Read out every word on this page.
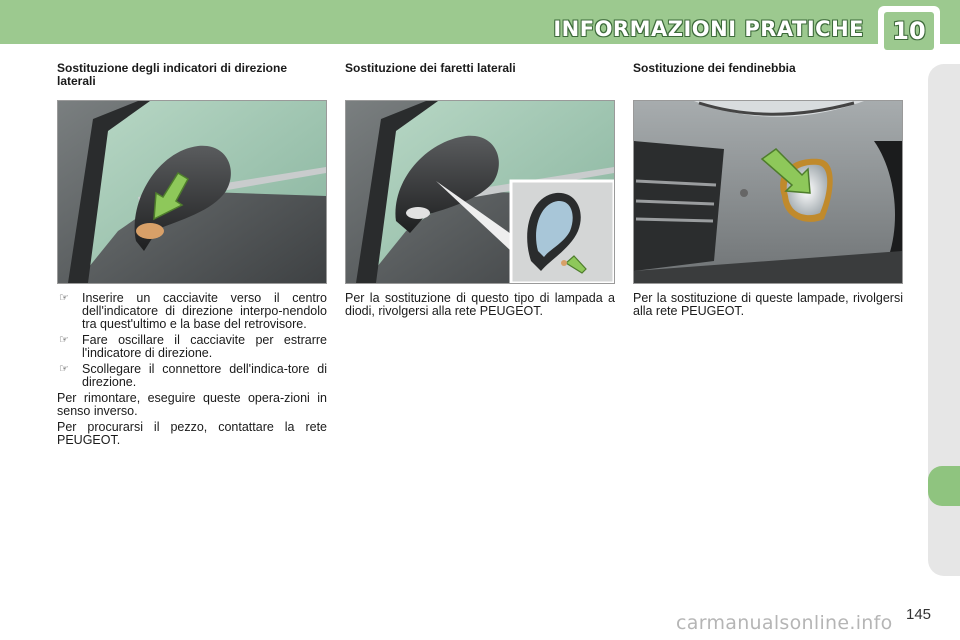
INFORMAZIONI PRATICHE	10
Sostituzione degli indicatori di direzione laterali
☞ Inserire un cacciavite verso il centro dell'indicatore di direzione interpo-nendolo tra quest'ultimo e la base del retrovisore.
☞ Fare oscillare il cacciavite per estrarre l'indicatore di direzione.
☞ Scollegare il connettore dell'indica-tore di direzione.
Per rimontare, eseguire queste opera-zioni in senso inverso.
Per procurarsi il pezzo, contattare la rete PEUGEOT.
Sostituzione dei faretti laterali
Per la sostituzione di questo tipo di lampada a diodi, rivolgersi alla rete PEUGEOT.
Sostituzione dei fendinebbia
Per la sostituzione di queste lampade, rivolgersi alla rete PEUGEOT.
145
carmanualsonline.info
